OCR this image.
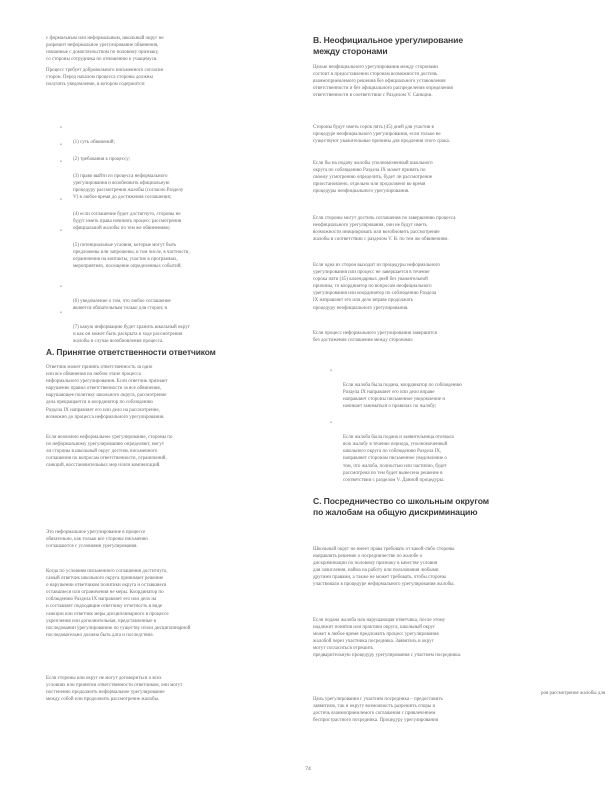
с формальным или неформальным, школьный округ не
разрешит неформальное урегулирование обвинения,
связанные с домогательством по половому признаку,
со стороны сотрудника по отношению к учащемуся.

Процесс требует добровольного письменного согласия
сторон. Перед началом процесса стороны должны
получить уведомление, в котором содержится:

•

(1) суть обвинений;

•

(2) требования к процессу;

•

(3) право выйти из процесса неформального
урегулирования и возобновить официальную
процедуру рассмотрения жалобы (согласно Разделу
V) в любое время до достижения соглашения;

•

(4) если соглашение будет достигнуто, стороны не
будут иметь права начинать процесс рассмотрения
официальной жалобы по тем же обвинениям;

•

(5) потенциальные условия, которые могут быть
предложены или запрошены, в том числе, в частности,
ограничения на контакты, участие в программах,
мероприятиях, посещение определенных событий;

•

(6) уведомление о том, что любое соглашение
является обязательным только для сторон; и

•

(7) какую информацию будет хранить школьный округ
и как он может быть раскрыта в ходе рассмотрения
жалобы в случае возобновления процесса.

A. Принятие ответственности ответчиком

Ответчик может принять ответственность за одно
или все обвинения на любом этапе процесса
неформального урегулирования. Если ответчик признает
нарушение правил ответственности за все обвинения,
нарушающее политику школьного округа, рассмотрение
дела прекращается и координатор по соблюдению
Раздела IX направляет его или дело на рассмотрение,
возможно до процесса неформального урегулирования.

Если возможно неформальное урегулирование, стороны по
по неформальному урегулированию определяют, могут
ли стороны в школьный округ достичь письменного
соглашения по вопросам ответственности, ограничений,
санкций, восстановительных мер и/или компенсаций.

Это неформальное урегулирование в процессе
обязательно, как только все стороны письменно
соглашаются с условиями урегулирования.

Когда по условиям письменного соглашения достигнуто,
самый ответчик школьного округа принимает решение
о нарушении ответчиком политики округа и оставшиеся
оставшиеся или ограничения не меры. Координатор по
соблюдению Раздела IX направляет его или дело на
и составляет подходящие ответчику отчетность в виде
санкции или ответчик меры дисциплинарного в процессе
укрепления или дополнительная, представленные в
последовании урегулированию по существу и/или дисциплинарной
последовательно должна быть дата и последствие.

Если стороны или округ не могут договориться о всех
условиях или принятии ответственности ответчиком, они могут
постепенно продолжить неформальное урегулирование
между собой или продолжить рассмотрение жалобы.

B. Неофициальное урегулирование
между сторонами

Целью неофициального урегулирования между сторонами
состоит в предоставлении сторонам возможности достичь
взаимоприемлемого решения без официального установления
ответственности и без официального распределения определения
ответственности в соответствии с Разделом V. Санкции.

Стороны будут иметь сорок пять (45) дней для участия в
процедуре неофициального урегулирования, если только не
существуют уважительные причины для продления этого срока.

Если бы на подачу жалобы уполномоченный школьного
округа по соблюдению Раздела IX может принять по
своему усмотрению определить, будет ли рассмотрение
приостановлено, отдельно или продолжено во время
процедуры неофициального урегулирования.

Если стороны могут достичь соглашения по завершению процесса
неофициального урегулирования, они не будут иметь
возможности инициировать или возобновить рассмотрение
жалобы в соответствии с разделом V. В. по тем же обвинениям.

Если одна из сторон выходит из процедуры неформального
урегулирования или процесс не завершается в течение
сорока пяти (45) календарных дней без уважительной
причины, то координатор по вопросам неофициального
урегулирования или координатор по соблюдению Раздела
IX направляет его или дело вправе продолжать
процедуру неофициального урегулирования.

Если процесс неформального урегулирования завершится
без достижения соглашения между сторонами:

•

Если жалоба была подана, координатор по соблюдению
Раздела IX направляет его или дело вправе
направляет стороны письменное уведомление и
начинает заниматься о правилах по жалобу;

•

Если жалоба была подана и заявительница отозвала
всю жалобу в течение периода, уполномоченный
школьного округа по соблюдению Раздела IX,
направляет сторонам письменное уведомление о
том, что жалоба, полностью или частично, будет
рассмотрена по тем будет вынесено решение в
соответствии с разделом V. Данной процедуры.

C. Посредничество со школьным округом
по жалобам на общую дискриминацию

Школьный округ не имеет права требовать от какой-либо стороны
направлять решение о посредничестве по жалобе о
дискриминации по половому признаку в качестве условия
для зачисления, найма на работу или пользования любыми
другими правами, а также не может требовать, чтобы стороны
участвовали в процедуре неформального урегулирования жалобы.

Если подана жалоба или нарушающая ответчика, после этому
надлежит понятия или практики округа, школьный округ
может в любое время предложить процесс урегулирования
жалобой через участника посредника. Заявитель и округ
могут согласиться отрешить
предварительную процедуру урегулирования с участием посредника.

Цель урегулирования с участием посредника – предоставить
заявителю, так и округу возможность разрешить споры и
достичь взаимоприемлемого соглашения с привлечением
беспристрастного посредника. Процедуру урегулирования

роя рассмотрение жалобы для
74
